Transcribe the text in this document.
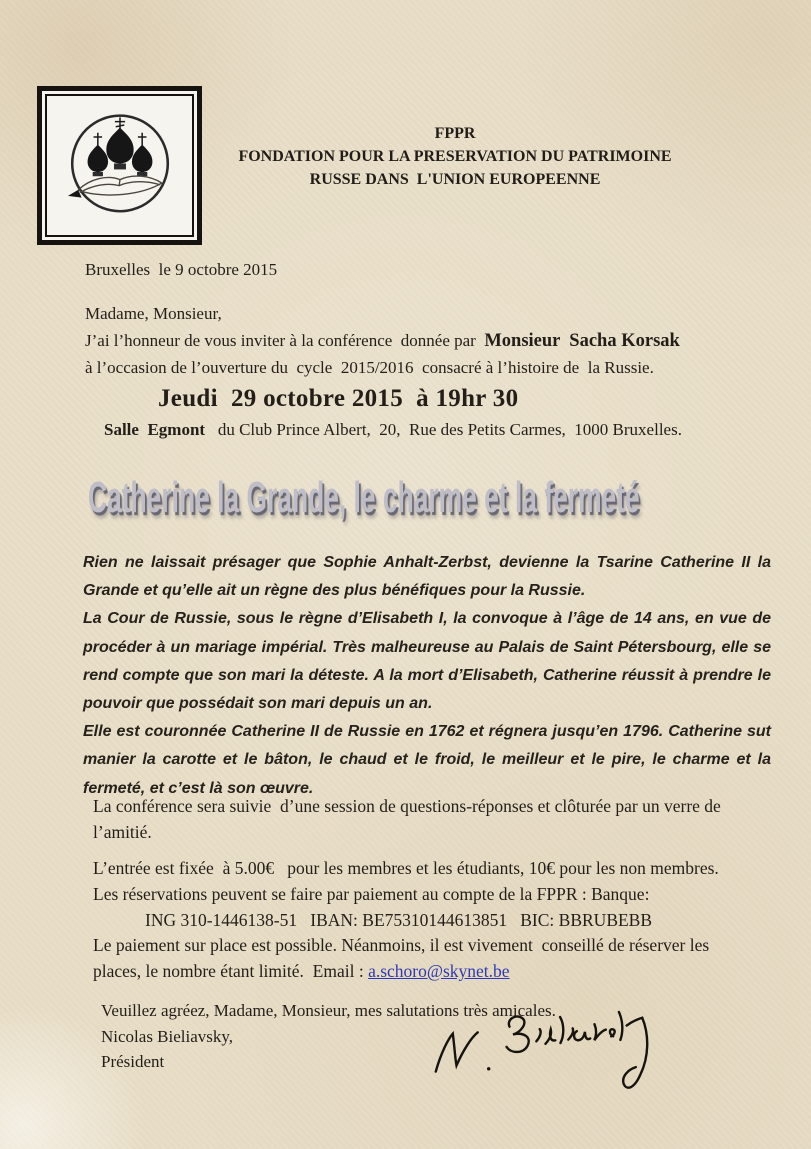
FPPR
FONDATION POUR LA PRESERVATION DU PATRIMOINE
RUSSE DANS  L'UNION EUROPEENNE
Bruxelles  le 9 octobre 2015
Madame, Monsieur,
J’ai l’honneur de vous inviter à la conférence  donnée par  Monsieur  Sacha Korsak
à l’occasion de l’ouverture du  cycle  2015/2016  consacré à l’histoire de  la Russie.
Jeudi  29 octobre 2015  à 19hr 30
Salle  Egmont   du Club Prince Albert,  20,  Rue des Petits Carmes,  1000 Bruxelles.
Catherine la Grande, le charme et la fermeté

Rien ne laissait présager que Sophie Anhalt-Zerbst, devienne la Tsarine Catherine II la Grande et qu’elle ait un règne des plus bénéfiques pour la Russie.

La Cour de Russie, sous le règne d’Elisabeth I, la convoque à l’âge de 14 ans, en vue de procéder à un mariage impérial. Très malheureuse au Palais de Saint Pétersbourg, elle se rend compte que son mari la déteste. A la mort d’Elisabeth, Catherine réussit à prendre le pouvoir que possédait son mari depuis un an.

Elle est couronnée Catherine II de Russie en 1762 et régnera jusqu’en 1796. Catherine sut manier la carotte et le bâton, le chaud et le froid, le meilleur et le pire, le charme et la fermeté, et c’est là son œuvre.

La conférence sera suivie  d’une session de questions-réponses et clôturée par un verre de
l’amitié.
L’entrée est fixée  à 5.00€   pour les membres et les étudiants, 10€ pour les non membres.
Les réservations peuvent se faire par paiement au compte de la FPPR : Banque:
ING 310-1446138-51   IBAN: BE75310144613851   BIC: BBRUBEBB
Le paiement sur place est possible. Néanmoins, il est vivement  conseillé de réserver les
places, le nombre étant limité.  Email : a.schoro@skynet.be
Veuillez agréez, Madame, Monsieur, mes salutations très amicales.
Nicolas Bieliavsky,
Président
